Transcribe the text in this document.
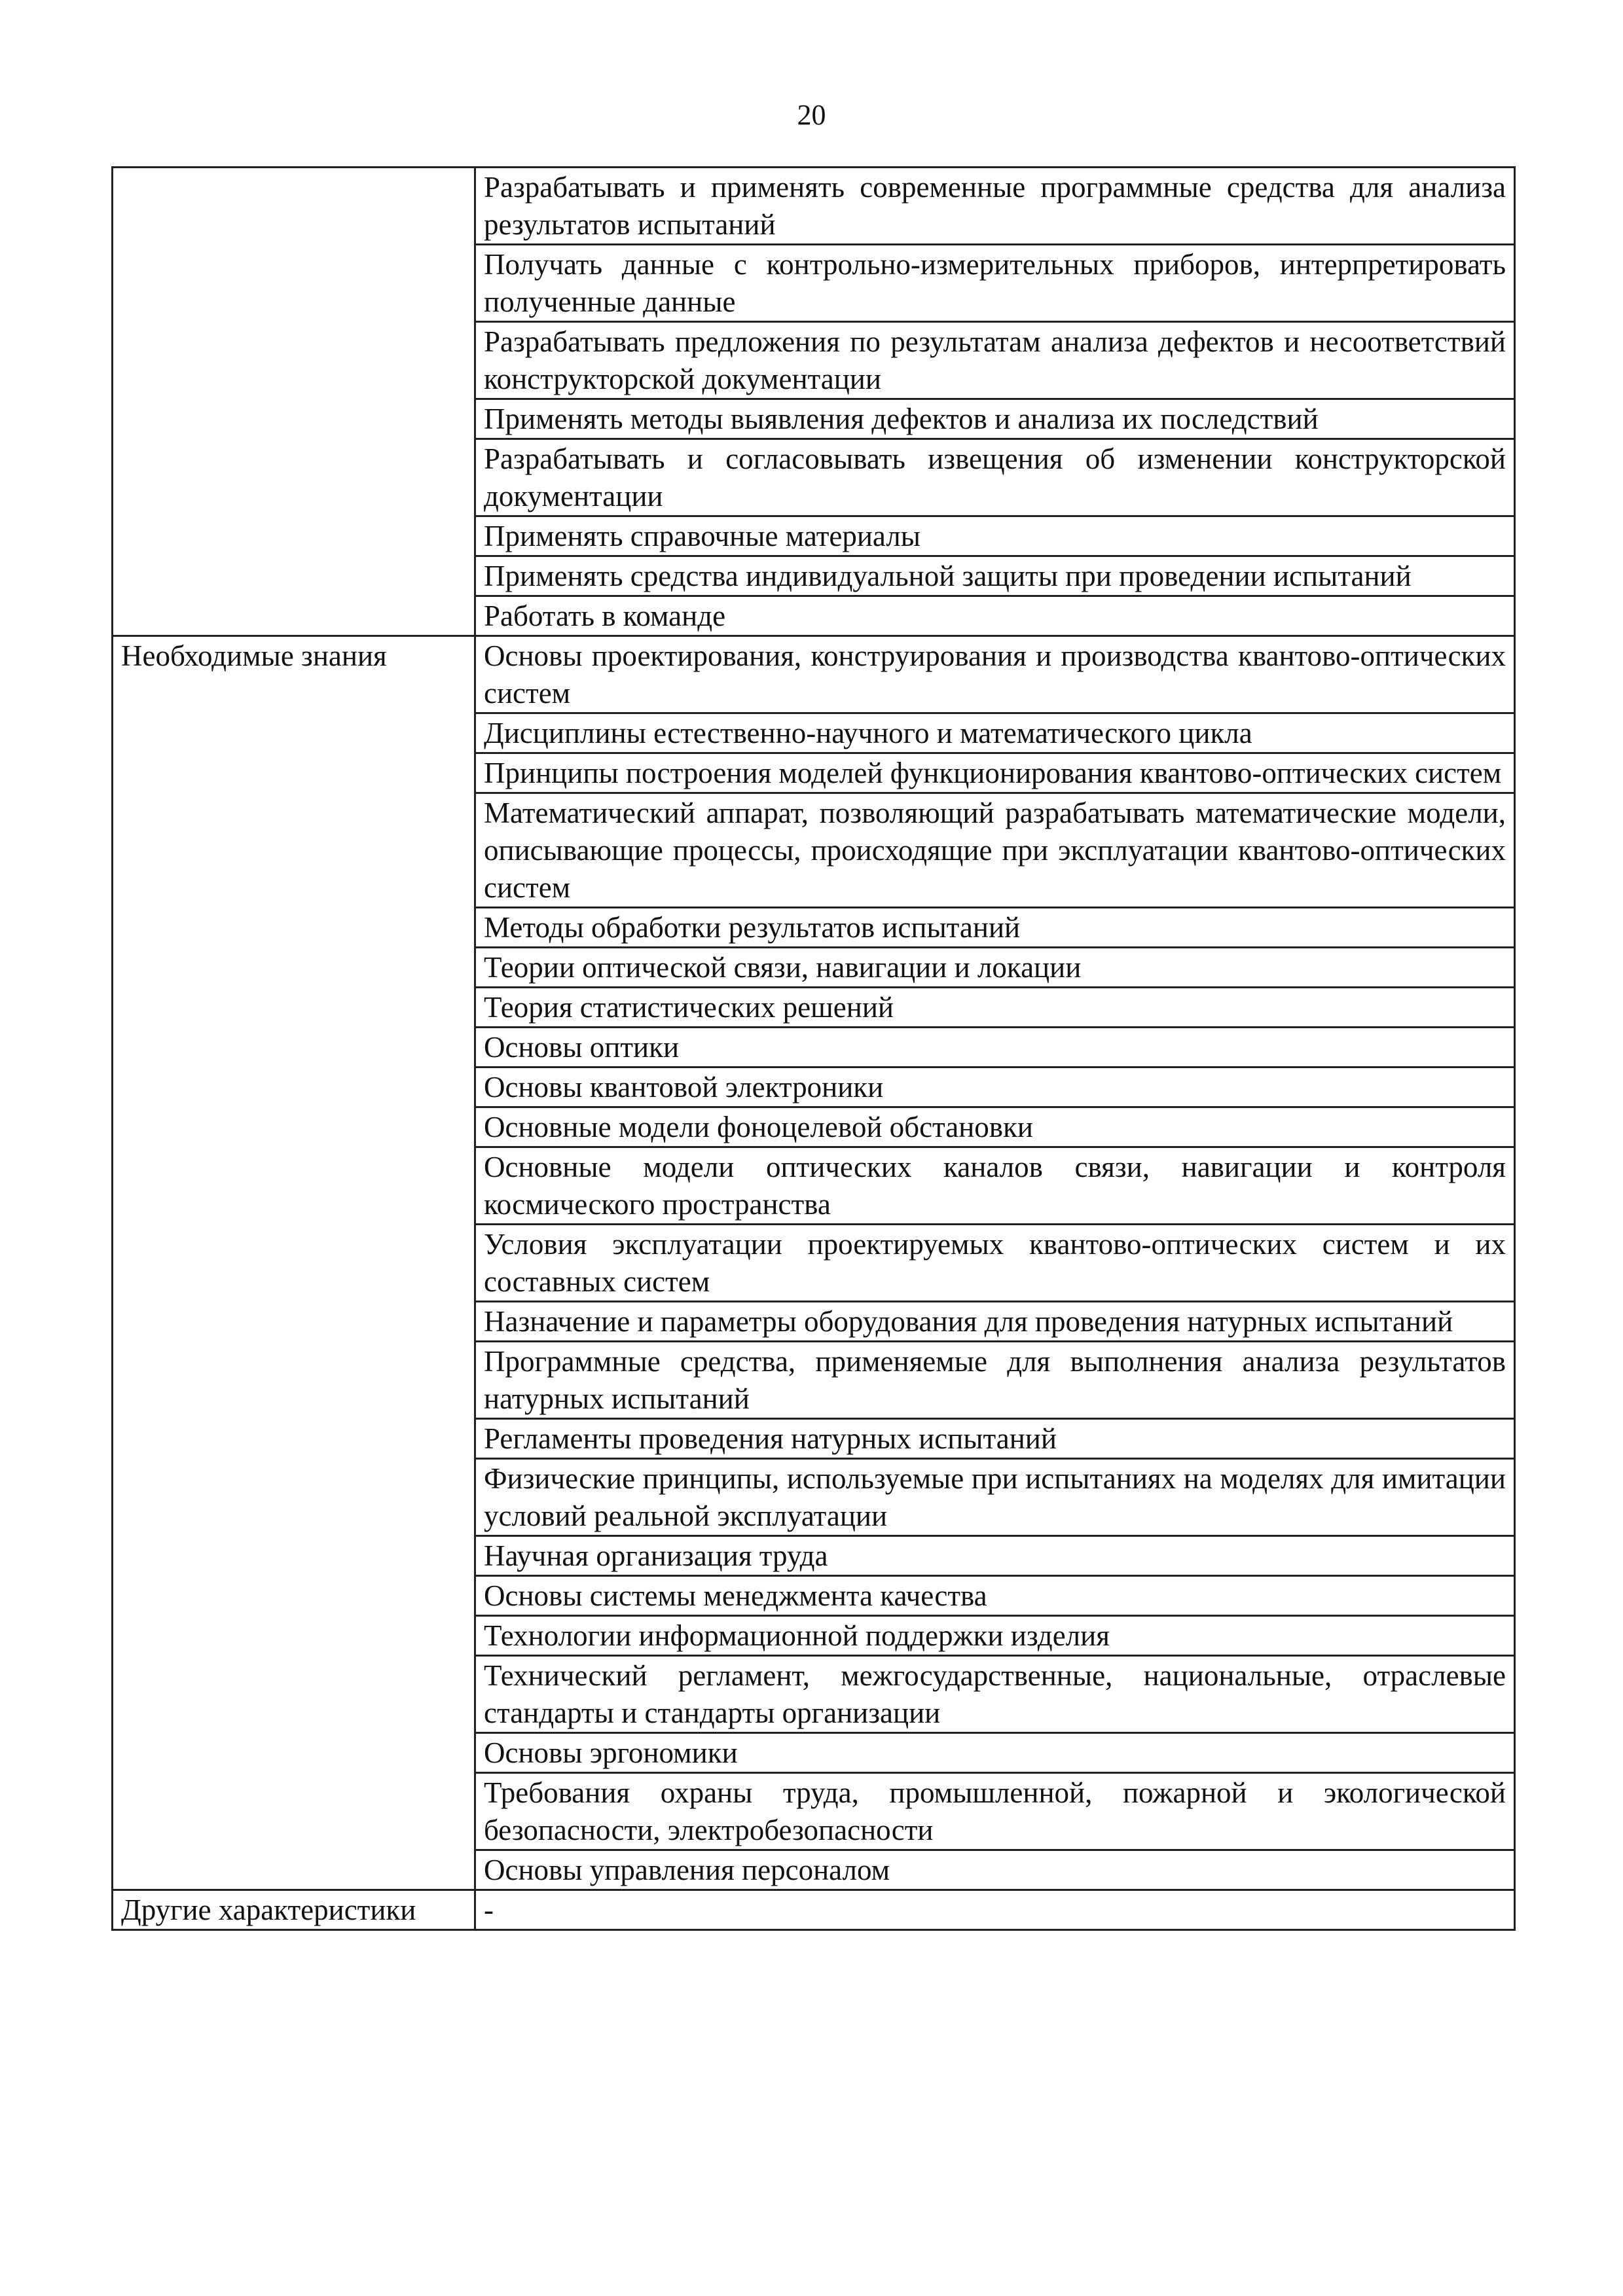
20
	Разрабатывать и применять современные программные средства для анализа результатов испытаний
	Получать данные с контрольно-измерительных приборов, интерпретировать полученные данные
	Разрабатывать предложения по результатам анализа дефектов и несоответствий конструкторской документации
	Применять методы выявления дефектов и анализа их последствий
	Разрабатывать и согласовывать извещения об изменении конструкторской документации
	Применять справочные материалы
	Применять средства индивидуальной защиты при проведении испытаний
	Работать в команде
Необходимые знания	Основы проектирования, конструирования и производства квантово-оптических систем
	Дисциплины естественно-научного и математического цикла
	Принципы построения моделей функционирования квантово-оптических систем
	Математический аппарат, позволяющий разрабатывать математические модели, описывающие процессы, происходящие при эксплуатации квантово-оптических систем
	Методы обработки результатов испытаний
	Теории оптической связи, навигации и локации
	Теория статистических решений
	Основы оптики
	Основы квантовой электроники
	Основные модели фоноцелевой обстановки
	Основные модели оптических каналов связи, навигации и контроля космического пространства
	Условия эксплуатации проектируемых квантово-оптических систем и их составных систем
	Назначение и параметры оборудования для проведения натурных испытаний
	Программные средства, применяемые для выполнения анализа результатов натурных испытаний
	Регламенты проведения натурных испытаний
	Физические принципы, используемые при испытаниях на моделях для имитации условий реальной эксплуатации
	Научная организация труда
	Основы системы менеджмента качества
	Технологии информационной поддержки изделия
	Технический регламент, межгосударственные, национальные, отраслевые стандарты и стандарты организации
	Основы эргономики
	Требования охраны труда, промышленной, пожарной и экологической безопасности, электробезопасности
	Основы управления персоналом
Другие характеристики	-
